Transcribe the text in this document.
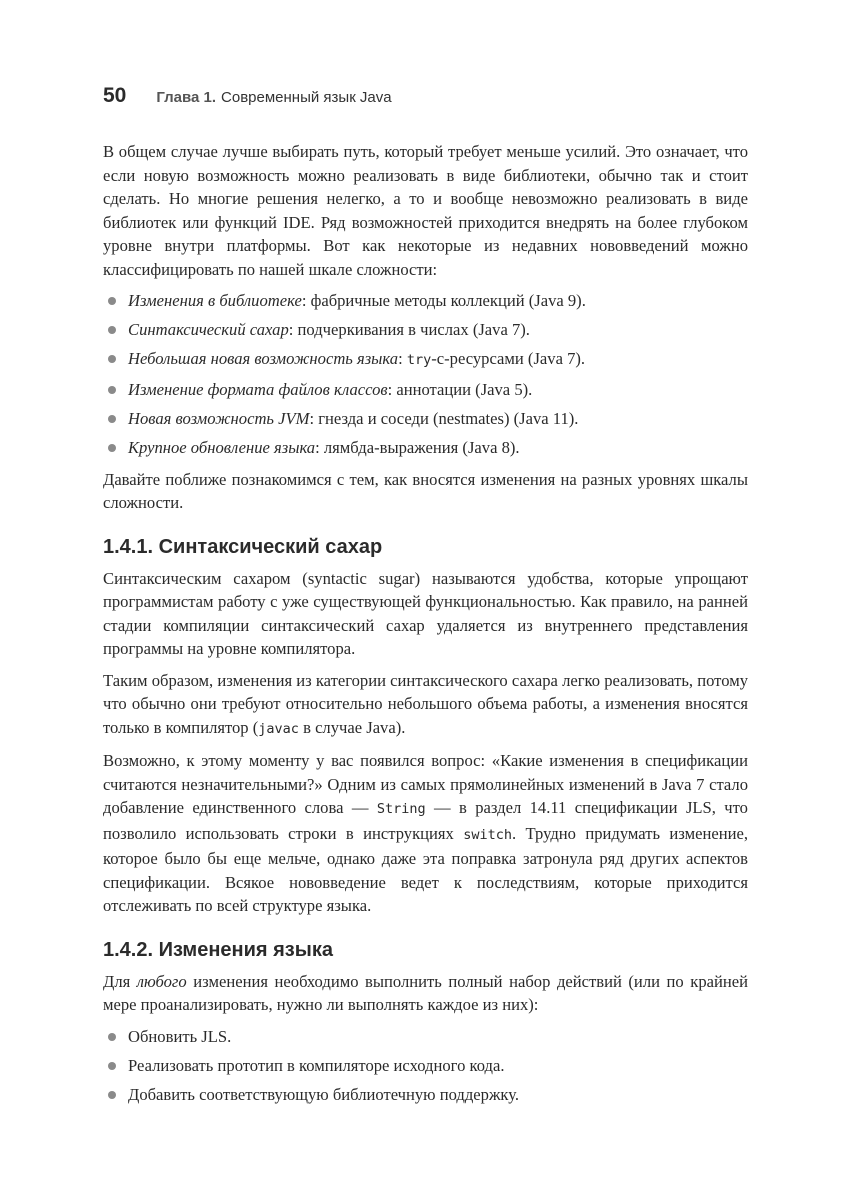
50 Глава 1. Современный язык Java

В общем случае лучше выбирать путь, который требует меньше усилий. Это означает, что если новую возможность можно реализовать в виде библиотеки, обычно так и стоит сделать. Но многие решения нелегко, а то и вообще невозможно реализовать в виде библиотек или функций IDE. Ряд возможностей приходится внедрять на более глубоком уровне внутри платформы. Вот как некоторые из недавних нововведений можно классифицировать по нашей шкале сложности:

Изменения в библиотеке: фабричные методы коллекций (Java 9).
Синтаксический сахар: подчеркивания в числах (Java 7).
Небольшая новая возможность языка: try-с-ресурсами (Java 7).
Изменение формата файлов классов: аннотации (Java 5).
Новая возможность JVM: гнезда и соседи (nestmates) (Java 11).
Крупное обновление языка: лямбда-выражения (Java 8).

Давайте поближе познакомимся с тем, как вносятся изменения на разных уровнях шкалы сложности.

1.4.1. Синтаксический сахар

Синтаксическим сахаром (syntactic sugar) называются удобства, которые упрощают программистам работу с уже существующей функциональностью. Как правило, на ранней стадии компиляции синтаксический сахар удаляется из внутреннего представления программы на уровне компилятора.

Таким образом, изменения из категории синтаксического сахара легко реализовать, потому что обычно они требуют относительно небольшого объема работы, а изменения вносятся только в компилятор (javac в случае Java).

Возможно, к этому моменту у вас появился вопрос: «Какие изменения в спецификации считаются незначительными?» Одним из самых прямолинейных изменений в Java 7 стало добавление единственного слова — String — в раздел 14.11 спецификации JLS, что позволило использовать строки в инструкциях switch. Трудно придумать изменение, которое было бы еще мельче, однако даже эта поправка затронула ряд других аспектов спецификации. Всякое нововведение ведет к последствиям, которые приходится отслеживать по всей структуре языка.

1.4.2. Изменения языка

Для любого изменения необходимо выполнить полный набор действий (или по крайней мере проанализировать, нужно ли выполнять каждое из них):

Обновить JLS.
Реализовать прототип в компиляторе исходного кода.
Добавить соответствующую библиотечную поддержку.
